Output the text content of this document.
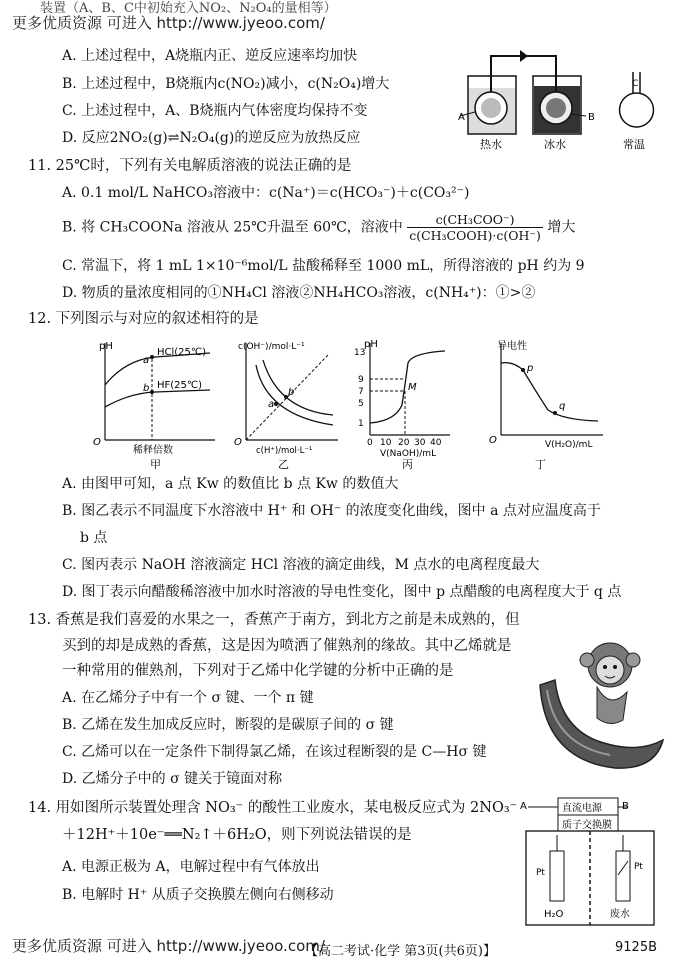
装置（A、B、C中初始充入NO₂、N₂O₄的量相等）
更多优质资源 可进入 http://www.jyeoo.com/
A. 上述过程中，A烧瓶内正、逆反应速率均加快
B. 上述过程中，B烧瓶内c(NO₂)减小，c(N₂O₄)增大
C. 上述过程中，A、B烧瓶内气体密度均保持不变
D. 反应2NO₂(g)⇌N₂O₄(g)的逆反应为放热反应
A	B
C
热水	冰水	常温
11. 25℃时，下列有关电解质溶液的说法正确的是
A. 0.1 mol/L NaHCO₃溶液中：c(Na⁺)＝c(HCO₃⁻)＋c(CO₃²⁻)
B. 将 CH₃COONa 溶液从 25℃升温至 60℃，溶液中 $\frac{\text{c(CH₃COO⁻)}}{\text{c(CH₃COOH)·c(OH⁻)}}$ 增大
C. 常温下，将 1 mL 1×10⁻⁶mol/L 盐酸稀释至 1000 mL，所得溶液的 pH 约为 9
D. 物质的量浓度相同的①NH₄Cl 溶液②NH₄HCO₃溶液，c(NH₄⁺)：①>②
12. 下列图示与对应的叙述相符的是
pH
HCl(25℃)
HF(25℃)
a
b
O
稀释倍数
甲
c(OH⁻)/mol·L⁻¹
a
b
O
c(H⁺)/mol·L⁻¹
乙
pH
13
9
7
5
1
0 10 20 30 40
M
V(NaOH)/mL
丙
导电性
p
q
O	V(H₂O)/mL
丁
A. 由图甲可知，a 点 Kw 的数值比 b 点 Kw 的数值大
B. 图乙表示不同温度下水溶液中 H⁺ 和 OH⁻ 的浓度变化曲线，图中 a 点对应温度高于
b 点
C. 图丙表示 NaOH 溶液滴定 HCl 溶液的滴定曲线，M 点水的电离程度最大
D. 图丁表示向醋酸稀溶液中加水时溶液的导电性变化，图中 p 点醋酸的电离程度大于 q 点
13. 香蕉是我们喜爱的水果之一，香蕉产于南方，到北方之前是未成熟的，但
买到的却是成熟的香蕉，这是因为喷洒了催熟剂的缘故。其中乙烯就是
一种常用的催熟剂，下列对于乙烯中化学键的分析中正确的是
A. 在乙烯分子中有一个 σ 键、一个 π 键
B. 乙烯在发生加成反应时，断裂的是碳原子间的 σ 键
C. 乙烯可以在一定条件下制得氯乙烯，在该过程断裂的是 C—Hσ 键
D. 乙烯分子中的 σ 键关于镜面对称
14. 用如图所示装置处理含 NO₃⁻ 的酸性工业废水，某电极反应式为 2NO₃⁻
＋12H⁺＋10e⁻══N₂↑＋6H₂O，则下列说法错误的是
A. 电源正极为 A，电解过程中有气体放出
B. 电解时 H⁺ 从质子交换膜左侧向右侧移动
A	B
直流电源
质子交换膜
Pt
Pt
H₂O	废水
更多优质资源 可进入 http://www.jyeoo.com/
【高二考试·化学 第3页(共6页)】	9125B
